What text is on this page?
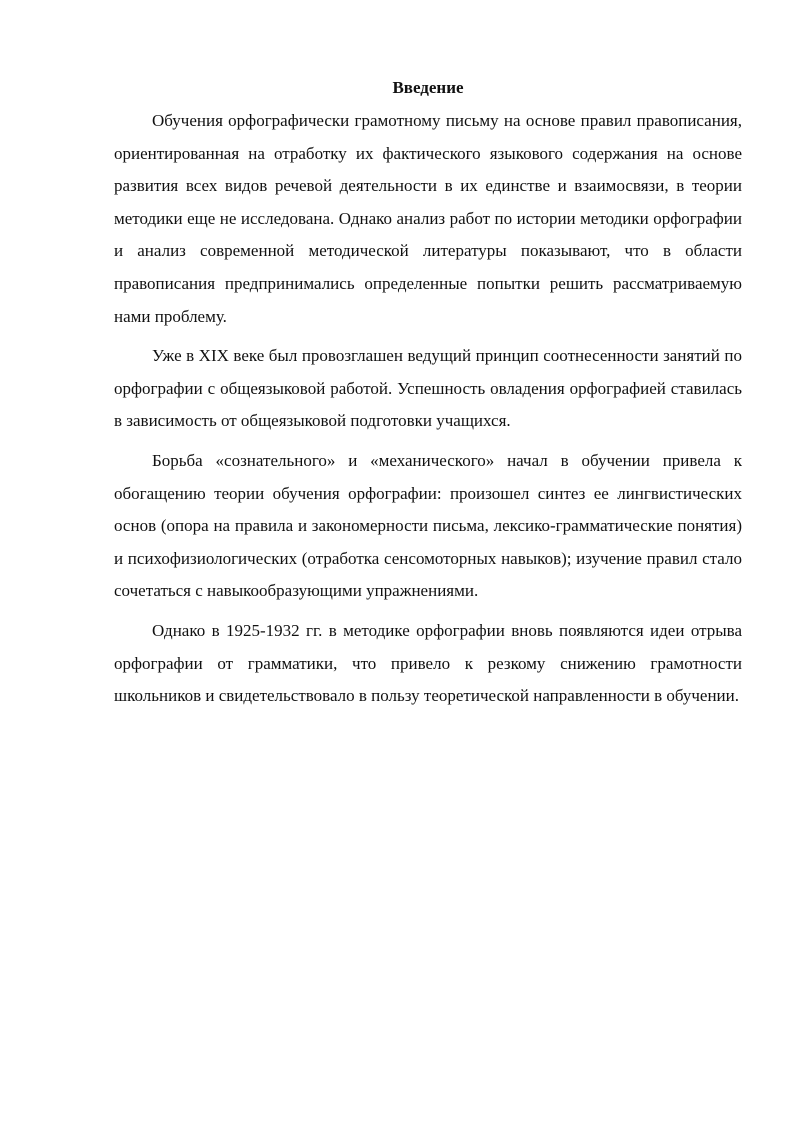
Введение

Обучения орфографически грамотному письму на основе правил правописания, ориентированная на отработку их фактического языкового содержания на основе развития всех видов речевой деятельности в их единстве и взаимосвязи, в теории методики еще не исследована. Однако анализ работ по истории методики орфографии и анализ современной методической литературы показывают, что в области правописания предпринимались определенные попытки решить рассматриваемую нами проблему.

Уже в XIX веке был провозглашен ведущий принцип соотнесенности занятий по орфографии с общеязыковой работой. Успешность овладения орфографией ставилась в зависимость от общеязыковой подготовки учащихся.

Борьба «сознательного» и «механического» начал в обучении привела к обогащению теории обучения орфографии: произошел синтез ее лингвистических основ (опора на правила и закономерности письма, лексико-грамматические понятия) и психофизиологических (отработка сенсомоторных навыков); изучение правил стало сочетаться с навыкообразующими упражнениями.

Однако в 1925-1932 гг. в методике орфографии вновь появляются идеи отрыва орфографии от грамматики, что привело к резкому снижению грамотности школьников и свидетельствовало в пользу теоретической направленности в обучении.
